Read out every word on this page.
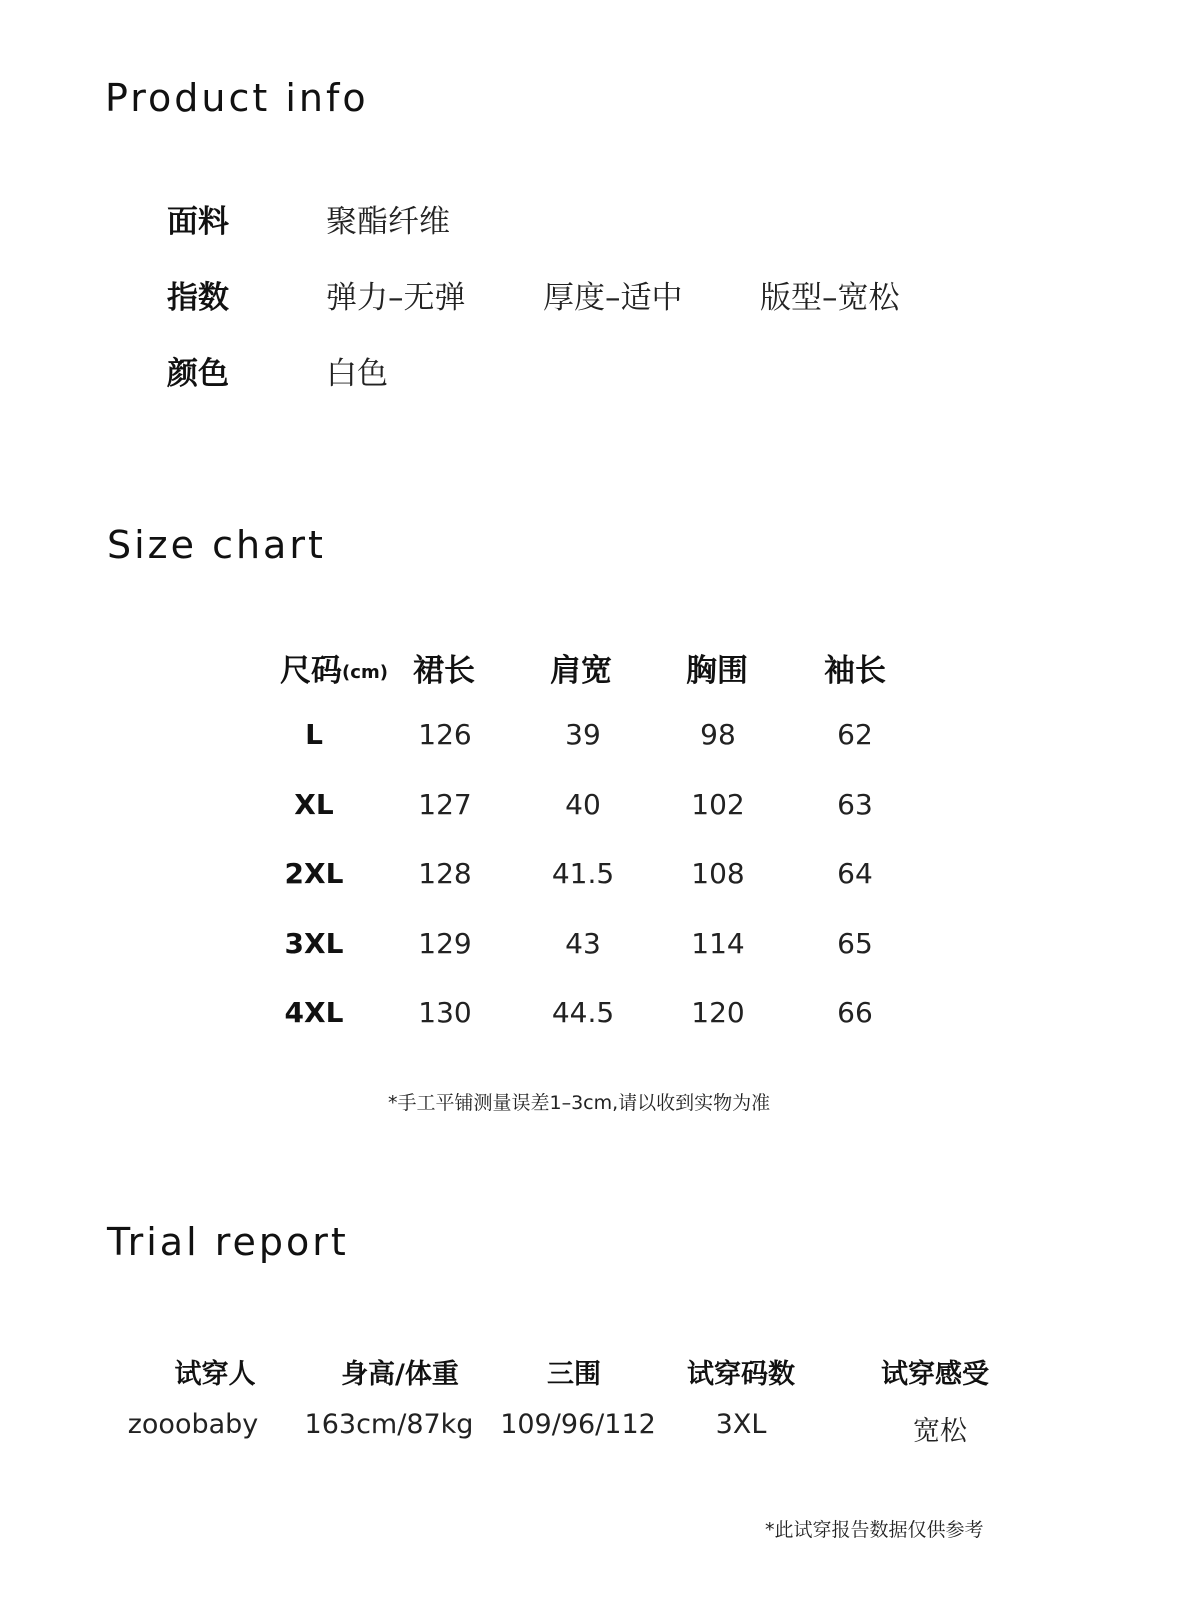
Product info
面料	聚酯纤维
指数	弹力–无弹	厚度–适中	版型–宽松
颜色	白色
Size chart
尺码(cm) 裙长 肩宽 胸围 袖长
L	126	39	98	62
XL	127	40	102	63
2XL	128	41.5	108	64
3XL	129	43	114	65
4XL	130	44.5	120	66
*手工平铺测量误差1–3cm,请以收到实物为准
Trial report
试穿人	身高/体重	三围	试穿码数	试穿感受
zooobaby 163cm/87kg 109/96/112 3XL	宽松
*此试穿报告数据仅供参考
